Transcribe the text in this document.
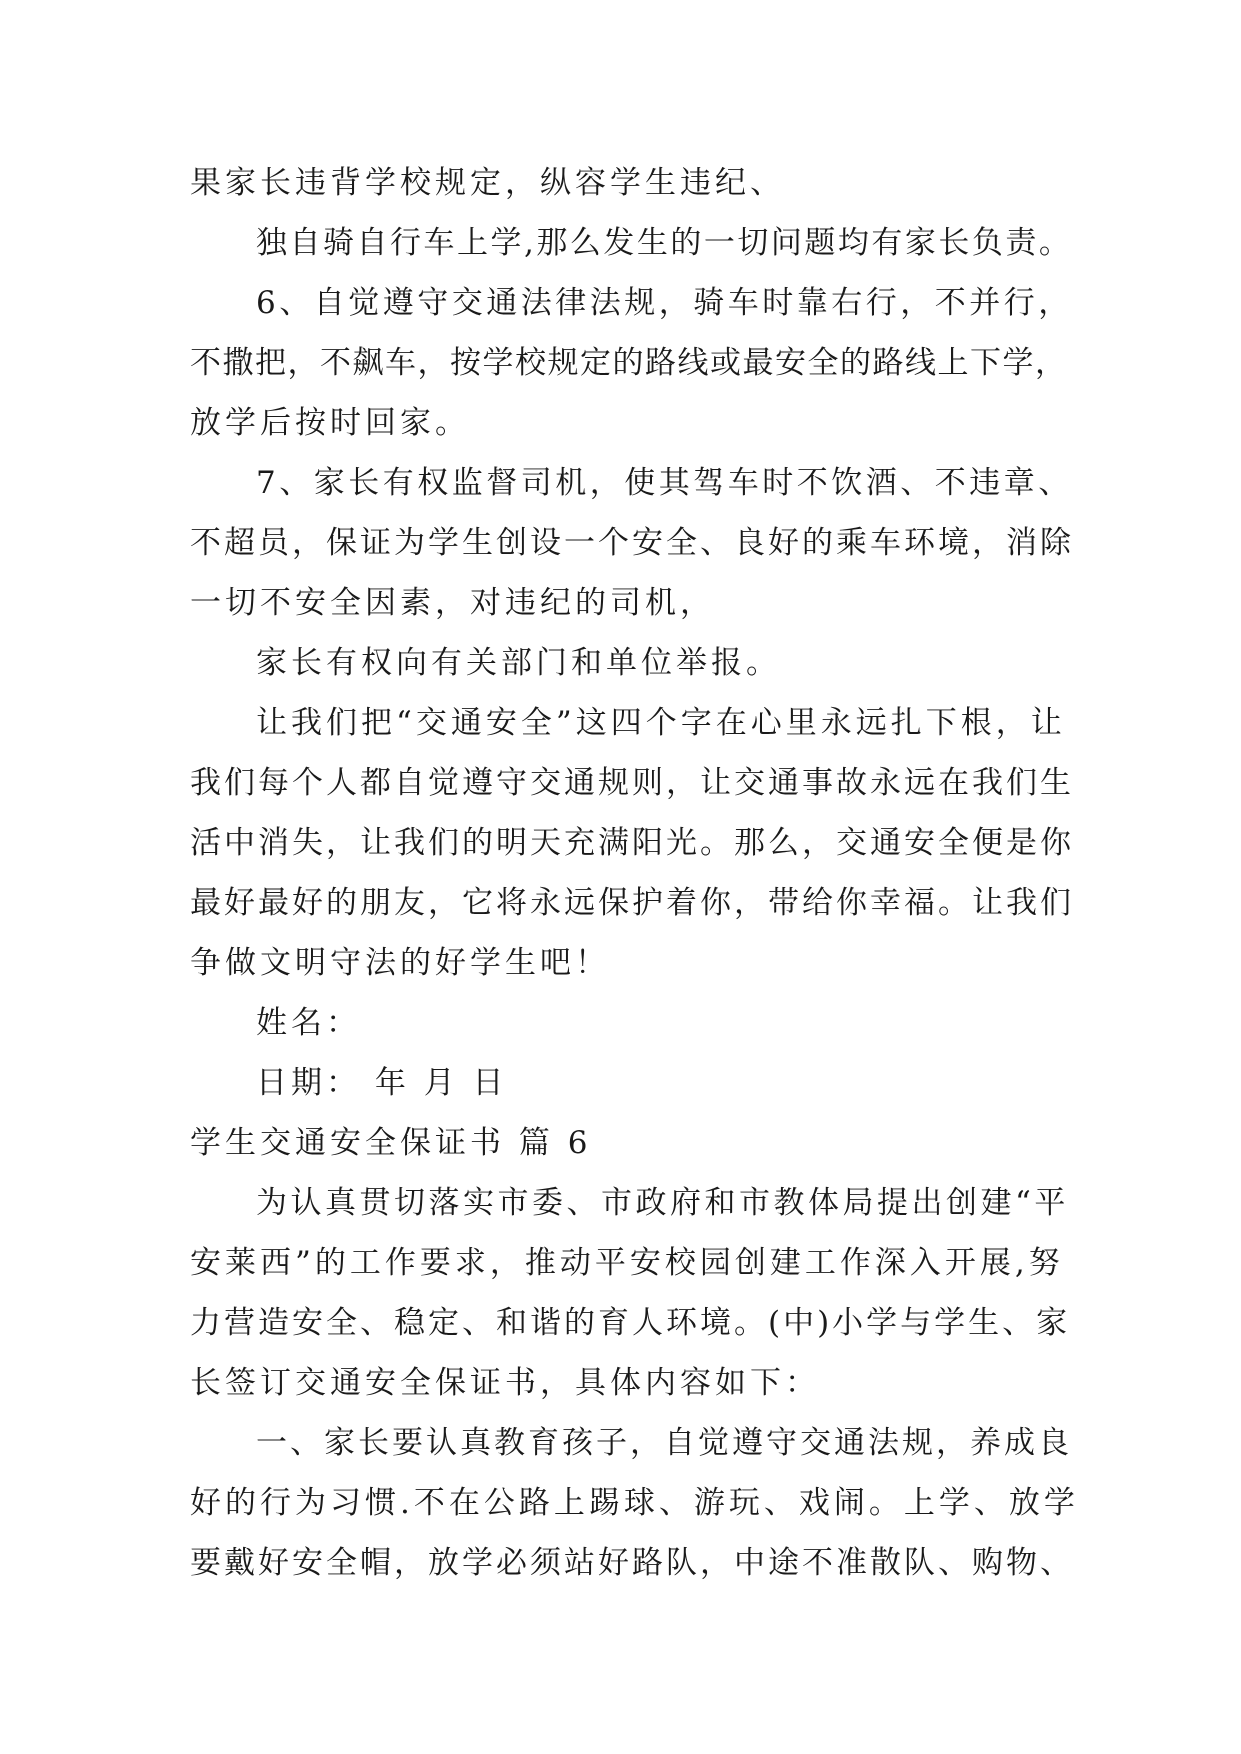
果家长违背学校规定，纵容学生违纪、

独自骑自行车上学,那么发生的一切问题均有家长负责。

6、自觉遵守交通法律法规，骑车时靠右行，不并行，

不撒把，不飙车，按学校规定的路线或最安全的路线上下学，

放学后按时回家。

7、家长有权监督司机，使其驾车时不饮酒、不违章、

不超员，保证为学生创设一个安全、良好的乘车环境，消除

一切不安全因素，对违纪的司机，

家长有权向有关部门和单位举报。

让我们把“交通安全”这四个字在心里永远扎下根，让

我们每个人都自觉遵守交通规则，让交通事故永远在我们生

活中消失，让我们的明天充满阳光。那么，交通安全便是你

最好最好的朋友，它将永远保护着你，带给你幸福。让我们

争做文明守法的好学生吧！

姓名：

日期： 年 月 日

学生交通安全保证书 篇 6

为认真贯切落实市委、市政府和市教体局提出创建“平

安莱西”的工作要求，推动平安校园创建工作深入开展,努

力营造安全、稳定、和谐的育人环境。(中)小学与学生、家

长签订交通安全保证书，具体内容如下：

一、家长要认真教育孩子，自觉遵守交通法规，养成良

好的行为习惯.不在公路上踢球、游玩、戏闹。上学、放学

要戴好安全帽，放学必须站好路队，中途不准散队、购物、
